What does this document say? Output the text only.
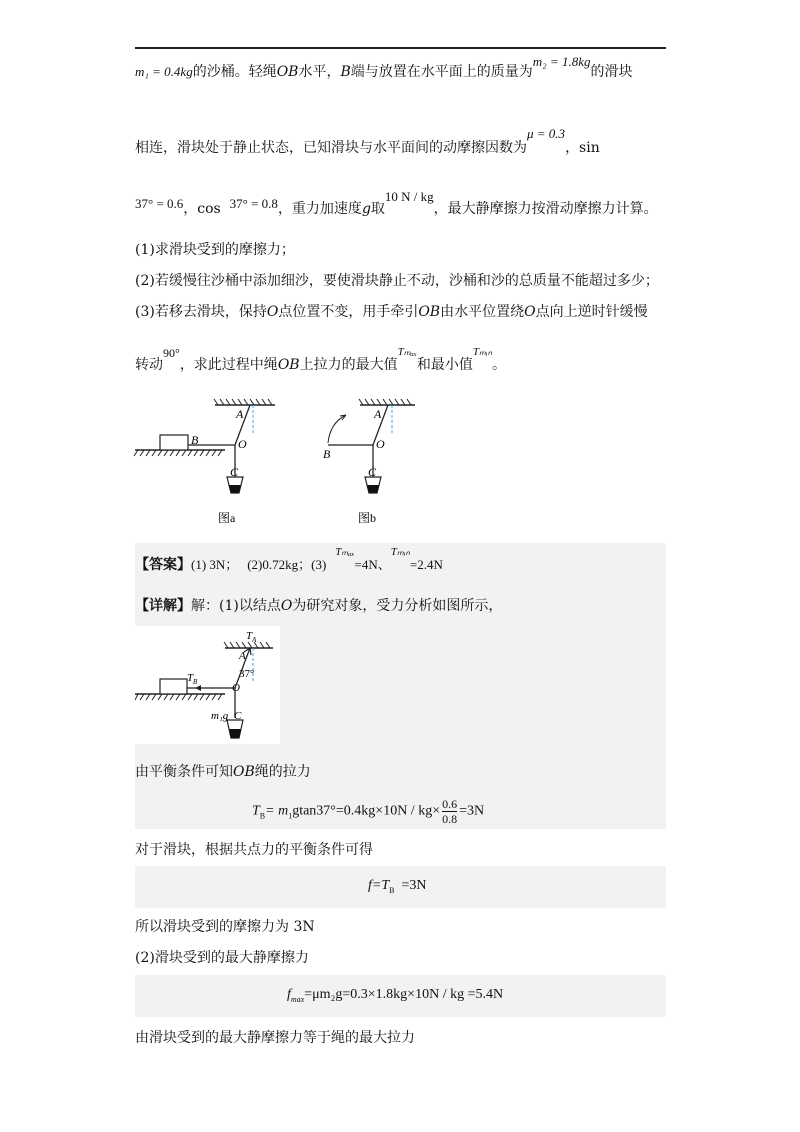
m₁ = 0.4kg的沙桶。轻绳OB水平，B端与放置在水平面上的质量为m₂ = 1.8kg的滑块
相连，滑块处于静止状态，已知滑块与水平面间的动摩擦因数为μ = 0.3，sin
37° = 0.6，cos 37° = 0.8，重力加速度g取10 N / kg，最大静摩擦力按滑动摩擦力计算。
(1)求滑块受到的摩擦力；
(2)若缓慢往沙桶中添加细沙，要使滑块静止不动，沙桶和沙的总质量不能超过多少；
(3)若移去滑块，保持O点位置不变，用手牵引OB由水平位置绕O点向上逆时针缓慢
转动90°，求此过程中绳OB上拉力的最大值$^{T_{max}}$和最小值$^{T_mᵢ_n}$。
A
B	O
C
图a
A
B
O
C
图b
【答案】(1) 3N； (2)0.72kg；(3)  $^{T_{max}}$=4N、$^{T_mᵢ_n}$=2.4N
【详解】解：(1)以结点O为研究对象，受力分析如图所示，
T A
A
37°
T B	O
m₁g C
由平衡条件可知OB绳的拉力
$T_B= m_1gtan37^\circ=0.4kg\times 10N / kg\times \frac{0.6}{0.8} =3N$
对于滑块，根据共点力的平衡条件可得
$f=T_B =3N$
所以滑块受到的摩擦力为 3N
(2)滑块受到的最大静摩擦力
$f_{max}=\mu m_2g=0.3\times 1.8kg\times 10N$ / kg =5.4N
由滑块受到的最大静摩擦力等于绳的最大拉力
